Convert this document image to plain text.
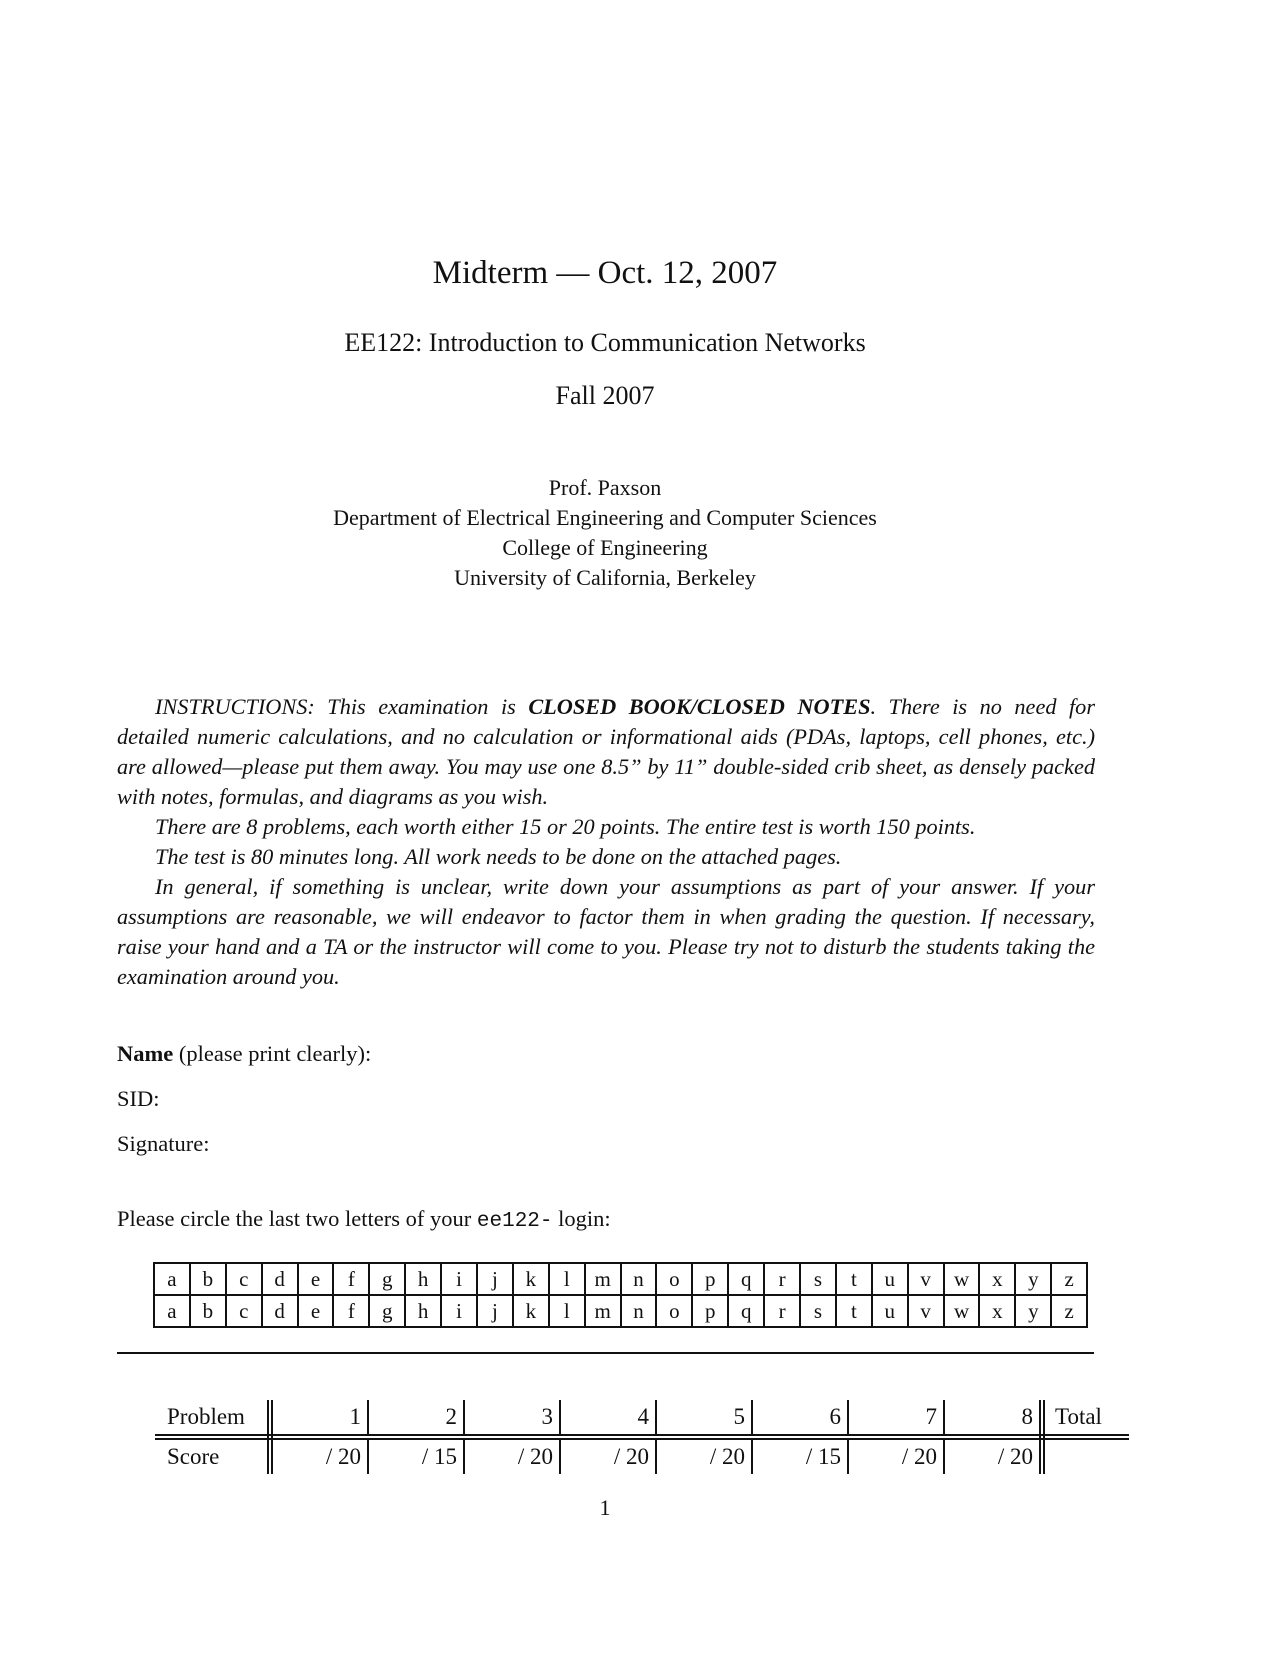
Midterm — Oct. 12, 2007
EE122: Introduction to Communication Networks
Fall 2007
Prof. Paxson
Department of Electrical Engineering and Computer Sciences
College of Engineering
University of California, Berkeley

INSTRUCTIONS: This examination is CLOSED BOOK/CLOSED NOTES. There is no need for detailed numeric calculations, and no calculation or informational aids (PDAs, laptops, cell phones, etc.) are allowed—please put them away. You may use one 8.5” by 11” double-sided crib sheet, as densely packed with notes, formulas, and diagrams as you wish.

There are 8 problems, each worth either 15 or 20 points. The entire test is worth 150 points.

The test is 80 minutes long. All work needs to be done on the attached pages.

In general, if something is unclear, write down your assumptions as part of your answer. If your assumptions are reasonable, we will endeavor to factor them in when grading the question. If necessary, raise your hand and a TA or the instructor will come to you. Please try not to disturb the students taking the examination around you.

Name (please print clearly):
SID:
Signature:
Please circle the last two letters of your ee122- login:
a	b	c	d	e	f	g	h	i	j	k	l	m	n	o	p	q	r	s	t	u	v	w	x	y	z
a	b	c	d	e	f	g	h	i	j	k	l	m	n	o	p	q	r	s	t	u	v	w	x	y	z
Problem	1	2	3	4	5	6	7	8	Total
Score	/ 20	/ 15	/ 20	/ 20	/ 20	/ 15	/ 20	/ 20	
1
